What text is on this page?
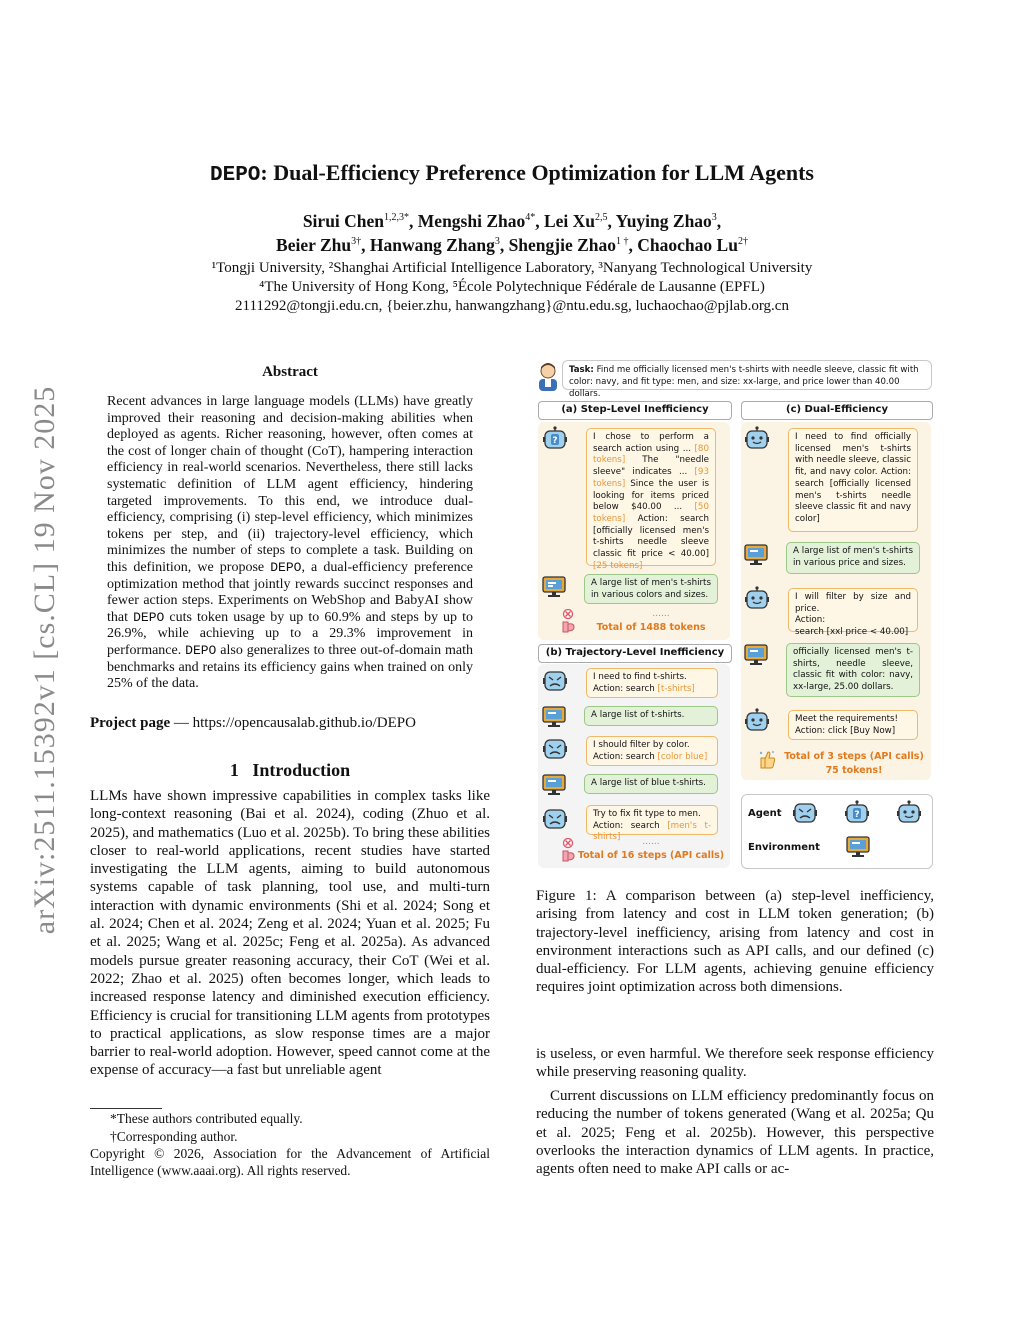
arXiv:2511.15392v1 [cs.CL] 19 Nov 2025
DEPO: Dual-Efficiency Preference Optimization for LLM Agents
Sirui Chen$^{1,2,3*}$, Mengshi Zhao$^{4*}$, Lei Xu$^{2,5}$, Yuying Zhao$^3$,
Beier Zhu$^{3\dagger}$, Hanwang Zhang$^3$, Shengjie Zhao$^{1 \dagger}$, Chaochao $Lu^{2\dagger}$
¹Tongji University, ²Shanghai Artificial Intelligence Laboratory, ³Nanyang Technological University
⁴The University of Hong Kong, ⁵École Polytechnique Fédérale de Lausanne (EPFL)
2111292@tongji.edu.cn, {beier.zhu, hanwangzhang}@ntu.edu.sg, luchaochao@pjlab.org.cn
Abstract
Recent advances in large language models (LLMs) have greatly improved their reasoning and decision-making abilities when deployed as agents. Richer reasoning, however, often comes at the cost of longer chain of thought (CoT), hampering interaction efficiency in real-world scenarios. Nevertheless, there still lacks systematic definition of LLM agent efficiency, hindering targeted improvements. To this end, we introduce dual-efficiency, comprising (i) step-level efficiency, which minimizes tokens per step, and (ii) trajectory-level efficiency, which minimizes the number of steps to complete a task. Building on this definition, we propose DEPO, a dual-efficiency preference optimization method that jointly rewards succinct responses and fewer action steps. Experiments on WebShop and BabyAI show that DEPO cuts token usage by up to 60.9% and steps by up to 26.9%, while achieving up to a 29.3% improvement in performance. DEPO also generalizes to three out-of-domain math benchmarks and retains its efficiency gains when trained on only 25% of the data.
Project page — https://opencausalab.github.io/DEPO
1 Introduction
LLMs have shown impressive capabilities in complex tasks like long-context reasoning (Bai et al. 2024), coding (Zhuo et al. 2025), and mathematics (Luo et al. 2025b). To bring these abilities closer to real-world applications, recent studies have started investigating the LLM agents, aiming to build autonomous systems capable of task planning, tool use, and multi-turn interaction with dynamic environments (Shi et al. 2024; Song et al. 2024; Chen et al. 2024; Zeng et al. 2024; Yuan et al. 2025; Fu et al. 2025; Wang et al. 2025c; Feng et al. 2025a). As advanced models pursue greater reasoning accuracy, their CoT (Wei et al. 2022; Zhao et al. 2025) often becomes longer, which leads to increased response latency and diminished execution efficiency. Efficiency is crucial for transitioning LLM agents from prototypes to practical applications, as slow response times are a major barrier to real-world adoption. However, speed cannot come at the expense of accuracy—a fast but unreliable agent
*These authors contributed equally.
†Corresponding author.
Copyright © 2026, Association for the Advancement of Artificial Intelligence (www.aaai.org). All rights reserved.
Task: Find me officially licensed men's t-shirts with needle sleeve, classic fit with color: navy, and fit type: men, and size: xx-large, and price lower than 40.00 dollars.
(a) Step-Level Inefficiency
?	I chose to perform a search action using ... [80 tokens] The "needle sleeve" indicates ... [93 tokens] Since the user is looking for items priced below $40.00 ... [50 tokens] Action: search [officially licensed men's t-shirts needle sleeve classic fit price < 40.00] [25 tokens]
A large list of men's t-shirts in various colors and sizes.
......
Total of 1488 tokens
(b) Trajectory-Level Inefficiency
I need to find t-shirts.
Action: search [t-shirts]
A large list of t-shirts.
I should filter by color.
Action: search [color blue]
A large list of blue t-shirts.
Try to fix fit type to men.
Action: search [men's t-shirts]	......
Total of 16 steps (API calls)
(c) Dual-Efficiency
I need to find officially licensed men's t-shirts with needle sleeve, classic fit, and navy color. Action: search [officially licensed men's t-shirts needle sleeve classic fit and navy color]
A large list of men's t-shirts in various price and sizes.
I will filter by size and price.
Action:
search [xxl price < 40.00]
officially licensed men's t-shirts, needle sleeve, classic fit with color: navy, xx-large, 25.00 dollars.
Meet the requirements!
Action: click [Buy Now]
Total of 3 steps (API calls)
75 tokens!
Agent
Environment
?
Figure 1: A comparison between (a) step-level inefficiency, arising from latency and cost in LLM token generation; (b) trajectory-level inefficiency, arising from latency and cost in environment interactions such as API calls, and our defined (c) dual-efficiency. For LLM agents, achieving genuine efficiency requires joint optimization across both dimensions.
is useless, or even harmful. We therefore seek response efficiency while preserving reasoning quality.
Current discussions on LLM efficiency predominantly focus on reducing the number of tokens generated (Wang et al. 2025a; Qu et al. 2025; Feng et al. 2025b). However, this perspective overlooks the interaction dynamics of LLM agents. In practice, agents often need to make API calls or ac-
